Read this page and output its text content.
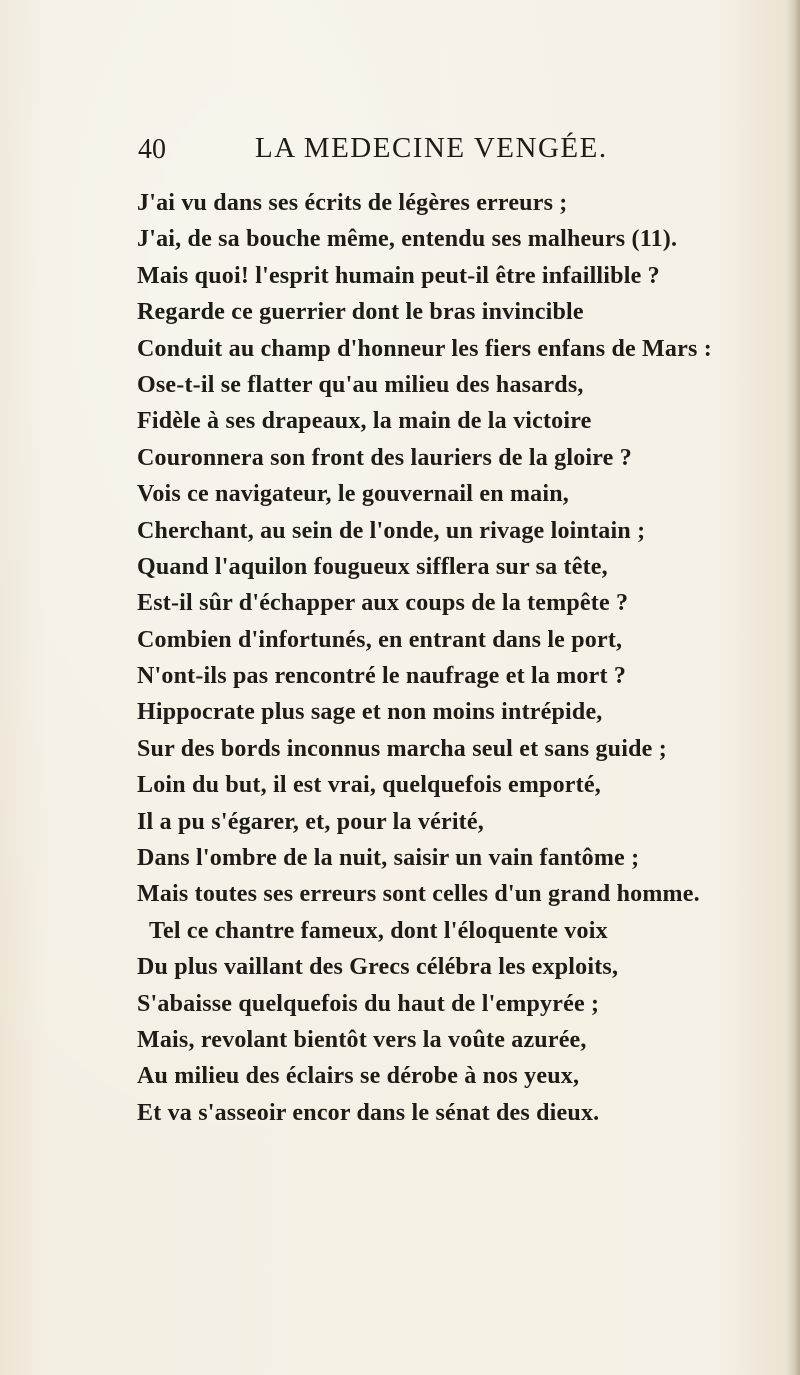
40	LA MEDECINE VENGÉE.
J'ai vu dans ses écrits de légères erreurs ;
J'ai, de sa bouche même, entendu ses malheurs (11).
Mais quoi! l'esprit humain peut-il être infaillible ?
Regarde ce guerrier dont le bras invincible
Conduit au champ d'honneur les fiers enfans de Mars :
Ose-t-il se flatter qu'au milieu des hasards,
Fidèle à ses drapeaux, la main de la victoire
Couronnera son front des lauriers de la gloire ?
Vois ce navigateur, le gouvernail en main,
Cherchant, au sein de l'onde, un rivage lointain ;
Quand l'aquilon fougueux sifflera sur sa tête,
Est-il sûr d'échapper aux coups de la tempête ?
Combien d'infortunés, en entrant dans le port,
N'ont-ils pas rencontré le naufrage et la mort ?
Hippocrate plus sage et non moins intrépide,
Sur des bords inconnus marcha seul et sans guide ;
Loin du but, il est vrai, quelquefois emporté,
Il a pu s'égarer, et, pour la vérité,
Dans l'ombre de la nuit, saisir un vain fantôme ;
Mais toutes ses erreurs sont celles d'un grand homme.
Tel ce chantre fameux, dont l'éloquente voix
Du plus vaillant des Grecs célébra les exploits,
S'abaisse quelquefois du haut de l'empyrée ;
Mais, revolant bientôt vers la voûte azurée,
Au milieu des éclairs se dérobe à nos yeux,
Et va s'asseoir encor dans le sénat des dieux.
